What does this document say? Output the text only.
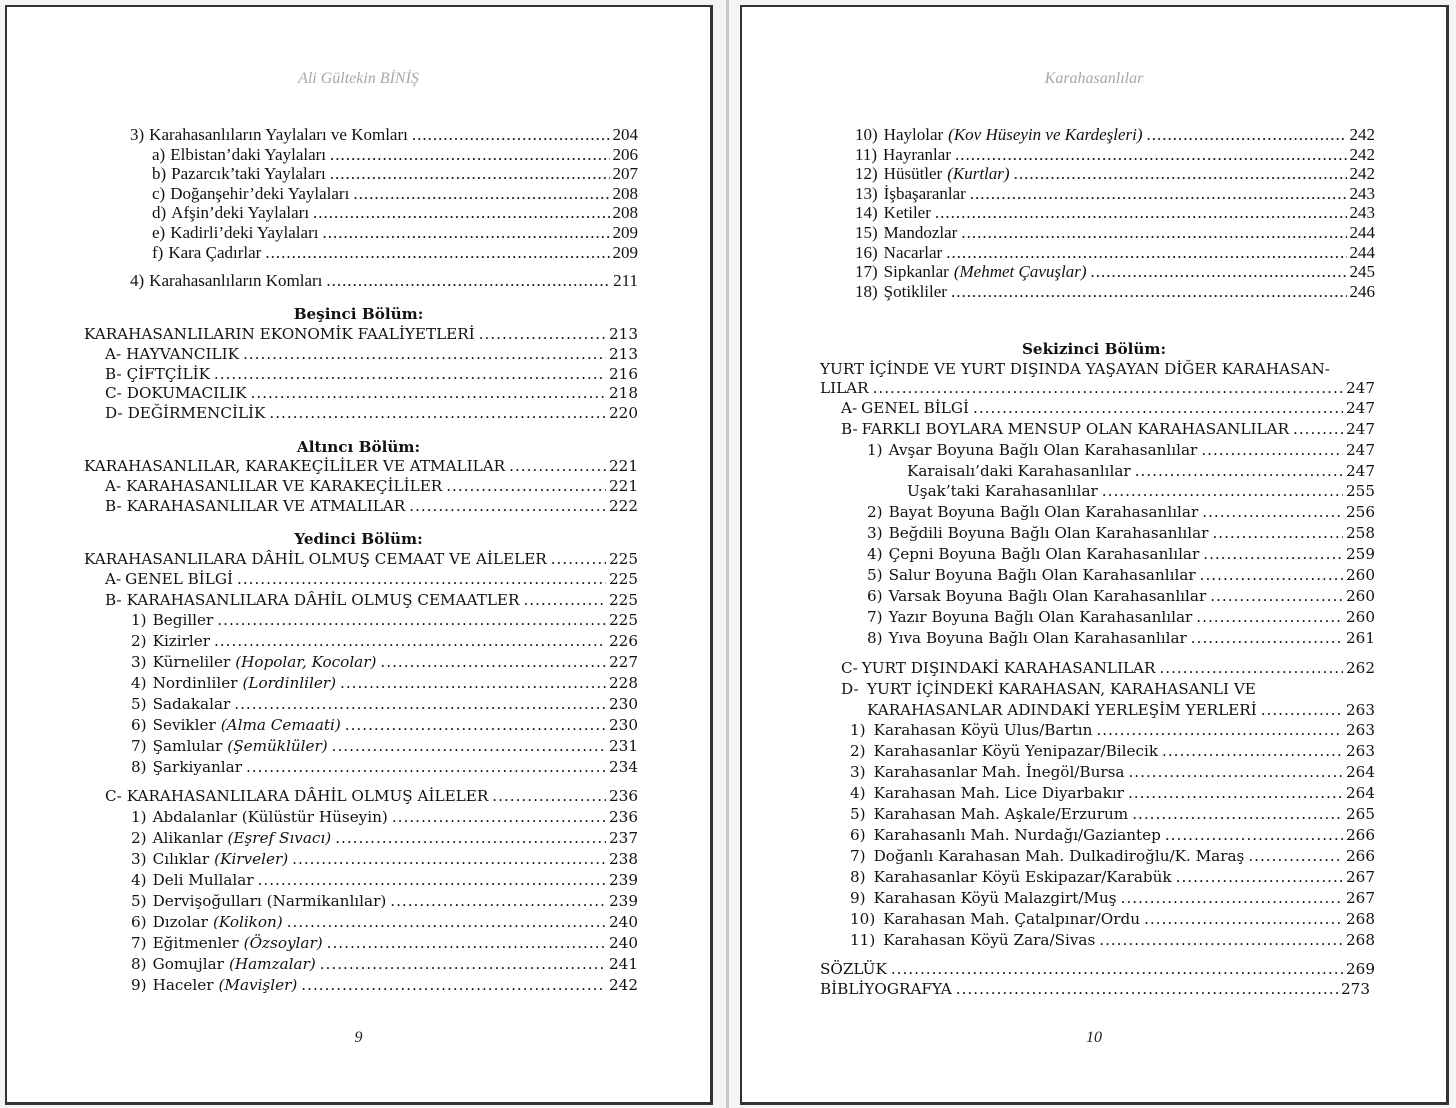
Ali Gültekin BİNİŞ
3) Karahasanlıların Yaylaları ve Komları .....	204
a) Elbistan’daki Yaylaları .....	206
b) Pazarcık’taki Yaylaları .....	207
c) Doğanşehir’deki Yaylaları .....	208
d) Afşin’deki Yaylaları .....	208
e) Kadirli’deki Yaylaları .....	209
f) Kara Çadırlar .....	209
4) Karahasanlıların Komları .....	211
Beşinci Bölüm:
KARAHASANLILARIN EKONOMİK FAALİYETLERİ .....	213
A- HAYVANCILIK .....	213
B- ÇİFTÇİLİK .....	216
C- DOKUMACILIK .....	218
D- DEĞİRMENCİLİK .....	220
Altıncı Bölüm:
KARAHASANLILAR, KARAKEÇİLİLER VE ATMALILAR .....	221
A- KARAHASANLILAR VE KARAKEÇİLİLER .....	221
B- KARAHASANLILAR VE ATMALILAR .....	222
Yedinci Bölüm:
KARAHASANLILARA DÂHİL OLMUŞ CEMAAT VE AİLELER .....	225
A- GENEL BİLGİ .....	225
B- KARAHASANLILARA DÂHİL OLMUŞ CEMAATLER .....	225
1) Begiller .....	225
2) Kizirler .....	226
3) Kürneliler (Hopolar, Kocolar) .....	227
4) Nordinliler (Lordinliler) .....	228
5) Sadakalar .....	230
6) Sevikler (Alma Cemaati) .....	230
7) Şamlular (Şemüklüler) .....	231
8) Şarkiyanlar .....	234
C- KARAHASANLILARA DÂHİL OLMUŞ AİLELER .....	236
1) Abdalanlar (Külüstür Hüseyin) .....	236
2) Alikanlar (Eşref Sıvacı) .....	237
3) Cılıklar (Kirveler) .....	238
4) Deli Mullalar .....	239
5) Dervişoğulları (Narmikanlılar) .....	239
6) Dızolar (Kolikon) .....	240
7) Eğitmenler (Özsoylar) .....	240
8) Gomujlar (Hamzalar) .....	241
9) Haceler (Mavişler) .....	242
9
Karahasanlılar
10) Haylolar (Kov Hüseyin ve Kardeşleri) .....	242
11) Hayranlar .....	242
12) Hüsütler (Kurtlar) .....	242
13) İşbaşaranlar .....	243
14) Ketiler .....	243
15) Mandozlar .....	244
16) Nacarlar .....	244
17) Sipkanlar (Mehmet Çavuşlar) .....	245
18) Şotikliler .....	246
Sekizinci Bölüm:
YURT İÇİNDE VE YURT DIŞINDA YAŞAYAN DİĞER KARAHASAN-
LILAR .....	247
A- GENEL BİLGİ .....	247
B- FARKLI BOYLARA MENSUP OLAN KARAHASANLILAR .....	247
1) Avşar Boyuna Bağlı Olan Karahasanlılar .....	247
Karaisalı’daki Karahasanlılar .....	247
Uşak’taki Karahasanlılar .....	255
2) Bayat Boyuna Bağlı Olan Karahasanlılar .....	256
3) Beğdili Boyuna Bağlı Olan Karahasanlılar .....	258
4) Çepni Boyuna Bağlı Olan Karahasanlılar .....	259
5) Salur Boyuna Bağlı Olan Karahasanlılar .....	260
6) Varsak Boyuna Bağlı Olan Karahasanlılar .....	260
7) Yazır Boyuna Bağlı Olan Karahasanlılar .....	260
8) Yıva Boyuna Bağlı Olan Karahasanlılar .....	261
C- YURT DIŞINDAKİ KARAHASANLILAR .....	262
D- YURT İÇİNDEKİ KARAHASAN, KARAHASANLI VE
KARAHASANLAR ADINDAKİ YERLEŞİM YERLERİ .....	263
1) Karahasan Köyü Ulus/Bartın .....	263
2) Karahasanlar Köyü Yenipazar/Bilecik .....	263
3) Karahasanlar Mah. İnegöl/Bursa .....	264
4) Karahasan Mah. Lice Diyarbakır .....	264
5) Karahasan Mah. Aşkale/Erzurum .....	265
6) Karahasanlı Mah. Nurdağı/Gaziantep .....	266
7) Doğanlı Karahasan Mah. Dulkadiroğlu/K. Maraş .....	266
8) Karahasanlar Köyü Eskipazar/Karabük .....	267
9) Karahasan Köyü Malazgirt/Muş .....	267
10) Karahasan Mah. Çatalpınar/Ordu .....	268
11) Karahasan Köyü Zara/Sivas .....	268
SÖZLÜK .....	269
BİBLİYOGRAFYA .....	273
10
